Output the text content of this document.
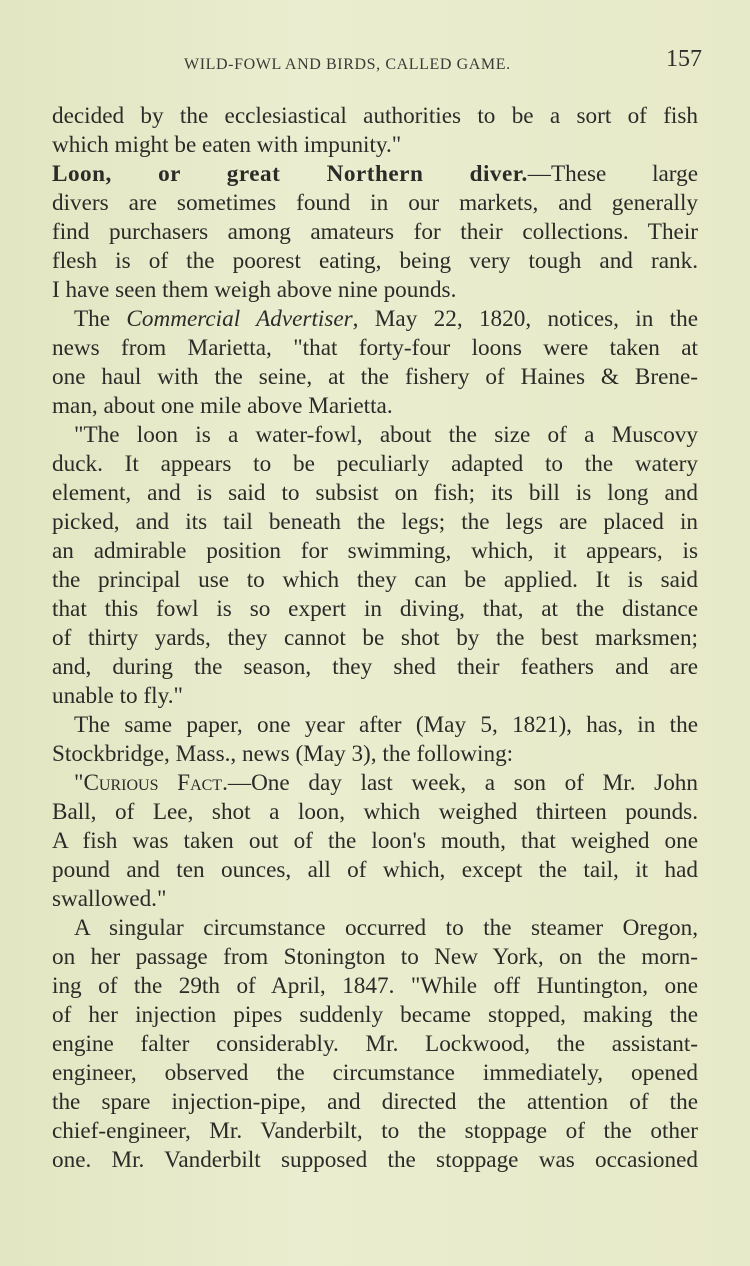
WILD-FOWL AND BIRDS, CALLED GAME.	157
decided by the ecclesiastical authorities to be a sort of fish
which might be eaten with impunity."
Loon, or great Northern diver.—These large
divers are sometimes found in our markets, and generally
find purchasers among amateurs for their collections. Their
flesh is of the poorest eating, being very tough and rank.
I have seen them weigh above nine pounds.
The Commercial Advertiser, May 22, 1820, notices, in the
news from Marietta, "that forty-four loons were taken at
one haul with the seine, at the fishery of Haines & Brene-
man, about one mile above Marietta.
"The loon is a water-fowl, about the size of a Muscovy
duck. It appears to be peculiarly adapted to the watery
element, and is said to subsist on fish; its bill is long and
picked, and its tail beneath the legs; the legs are placed in
an admirable position for swimming, which, it appears, is
the principal use to which they can be applied. It is said
that this fowl is so expert in diving, that, at the distance
of thirty yards, they cannot be shot by the best marksmen;
and, during the season, they shed their feathers and are
unable to fly."
The same paper, one year after (May 5, 1821), has, in the
Stockbridge, Mass., news (May 3), the following:
"Curious Fact.—One day last week, a son of Mr. John
Ball, of Lee, shot a loon, which weighed thirteen pounds.
A fish was taken out of the loon's mouth, that weighed one
pound and ten ounces, all of which, except the tail, it had
swallowed."
A singular circumstance occurred to the steamer Oregon,
on her passage from Stonington to New York, on the morn-
ing of the 29th of April, 1847. "While off Huntington, one
of her injection pipes suddenly became stopped, making the
engine falter considerably. Mr. Lockwood, the assistant-
engineer, observed the circumstance immediately, opened
the spare injection-pipe, and directed the attention of the
chief-engineer, Mr. Vanderbilt, to the stoppage of the other
one. Mr. Vanderbilt supposed the stoppage was occasioned
